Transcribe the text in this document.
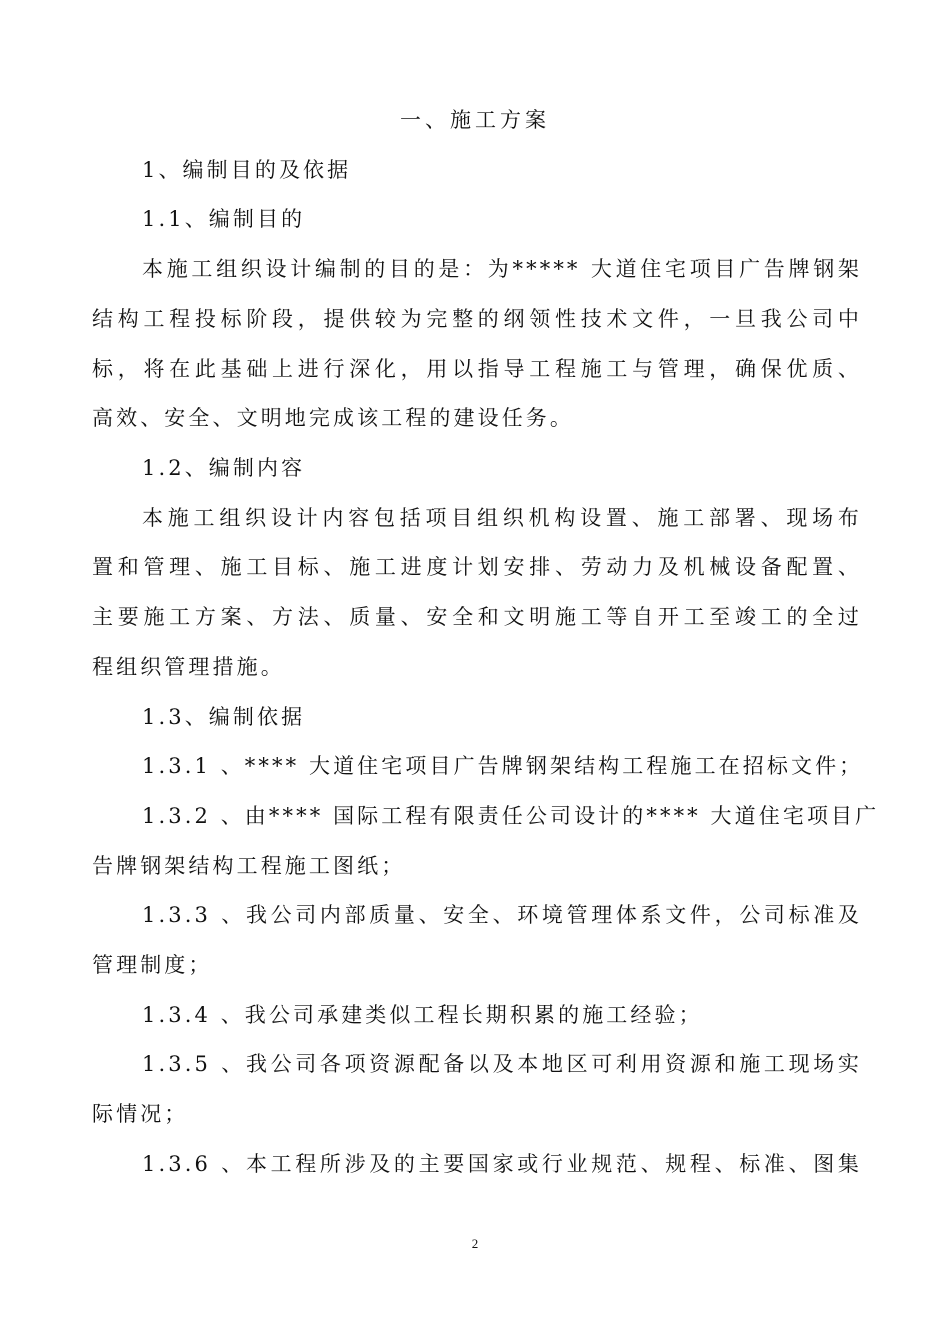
一、施工方案
1、编制目的及依据
1.1、编制目的
本施工组织设计编制的目的是：为***** 大道住宅项目广告牌钢架
结构工程投标阶段，提供较为完整的纲领性技术文件，一旦我公司中
标，将在此基础上进行深化，用以指导工程施工与管理，确保优质、
高效、安全、文明地完成该工程的建设任务。
1.2、编制内容
本施工组织设计内容包括项目组织机构设置、施工部署、现场布
置和管理、施工目标、施工进度计划安排、劳动力及机械设备配置、
主要施工方案、方法、质量、安全和文明施工等自开工至竣工的全过
程组织管理措施。
1.3、编制依据
1.3.1 、**** 大道住宅项目广告牌钢架结构工程施工在招标文件；
1.3.2 、由**** 国际工程有限责任公司设计的**** 大道住宅项目广
告牌钢架结构工程施工图纸；
1.3.3 、我公司内部质量、安全、环境管理体系文件，公司标准及
管理制度；
1.3.4 、我公司承建类似工程长期积累的施工经验；
1.3.5 、我公司各项资源配备以及本地区可利用资源和施工现场实
际情况；
1.3.6 、本工程所涉及的主要国家或行业规范、规程、标准、图集
2
